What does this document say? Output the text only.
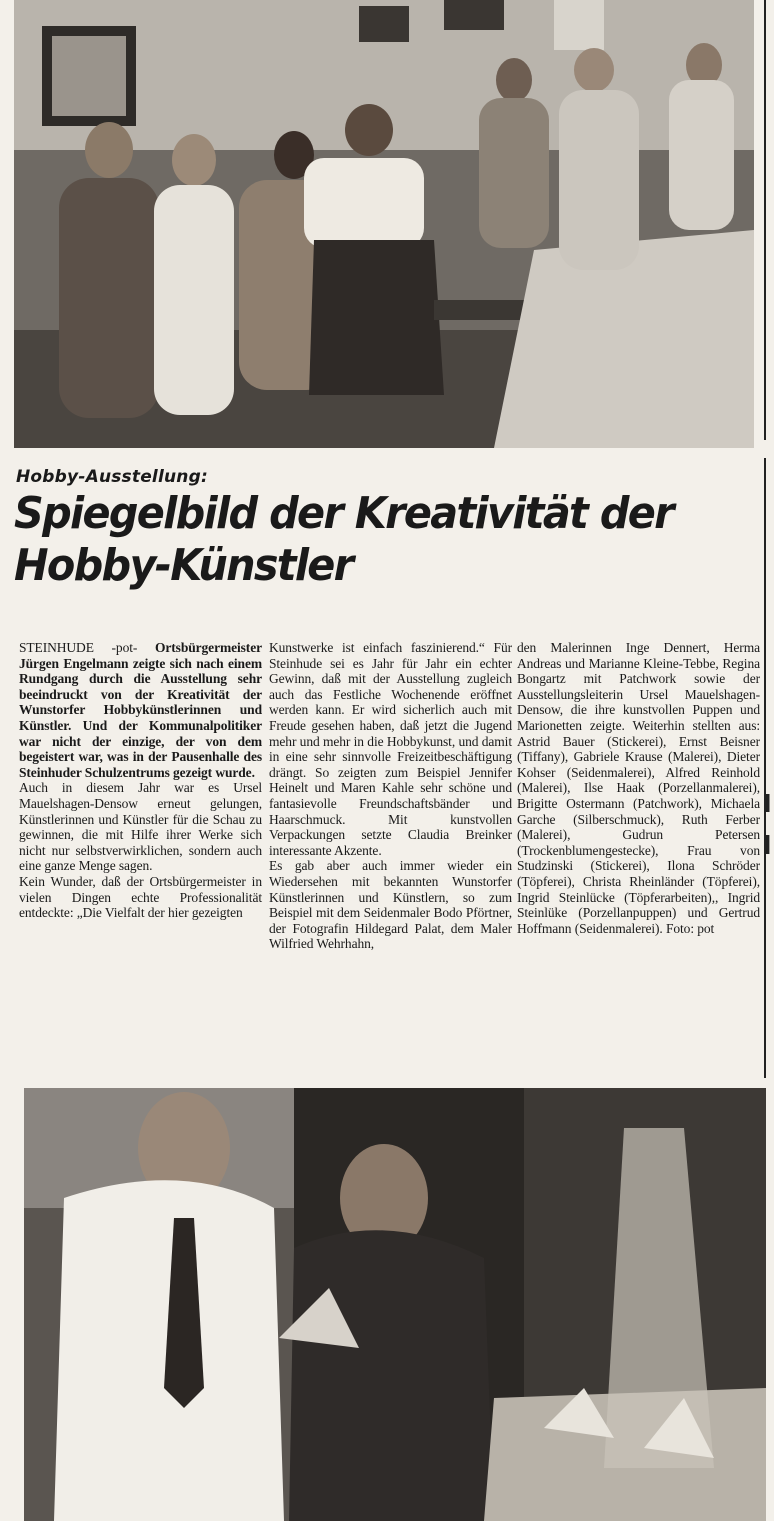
I
l
Hobby-Ausstellung:
Spiegelbild der Kreativität der Hobby-Künstler
STEINHUDE -pot- Ortsbürgermeister Jürgen Engelmann zeigte sich nach einem Rundgang durch die Ausstellung sehr beeindruckt von der Kreativität der Wunstorfer Hobbykünstlerinnen und Künstler. Und der Kommunalpolitiker war nicht der einzige, der von dem begeistert war, was in der Pausenhalle des Steinhuder Schulzentrums gezeigt wurde.
Auch in diesem Jahr war es Ursel Mauelshagen-Densow erneut gelungen, Künstlerinnen und Künstler für die Schau zu gewinnen, die mit Hilfe ihrer Werke sich nicht nur selbstverwirklichen, sondern auch eine ganze Menge sagen.
Kein Wunder, daß der Ortsbürgermeister in vielen Dingen echte Professionalität entdeckte: „Die Vielfalt der hier gezeigten
Kunstwerke ist einfach faszinierend.“ Für Steinhude sei es Jahr für Jahr ein echter Gewinn, daß mit der Ausstellung zugleich auch das Festliche Wochenende eröffnet werden kann. Er wird sicherlich auch mit Freude gesehen haben, daß jetzt die Jugend mehr und mehr in die Hobbykunst, und damit in eine sehr sinnvolle Freizeitbeschäftigung drängt. So zeigten zum Beispiel Jennifer Heinelt und Maren Kahle sehr schöne und fantasievolle Freundschaftsbänder und Haarschmuck. Mit kunstvollen Verpackungen setzte Claudia Breinker interessante Akzente.
Es gab aber auch immer wieder ein Wiedersehen mit bekannten Wunstorfer Künstlerinnen und Künstlern, so zum Beispiel mit dem Seidenmaler Bodo Pförtner, der Fotografin Hildegard Palat, dem Maler Wilfried Wehrhahn,
den Malerinnen Inge Dennert, Herma Andreas und Marianne Kleine-Tebbe, Regina Bongartz mit Patchwork sowie der Ausstellungsleiterin Ursel Mauelshagen-Densow, die ihre kunstvollen Puppen und Marionetten zeigte. Weiterhin stellten aus: Astrid Bauer (Stickerei), Ernst Beisner (Tiffany), Gabriele Krause (Malerei), Dieter Kohser (Seidenmalerei), Alfred Reinhold (Malerei), Ilse Haak (Porzellanmalerei), Brigitte Ostermann (Patchwork), Michaela Garche (Silberschmuck), Ruth Ferber (Malerei), Gudrun Petersen (Trockenblumengestecke), Frau von Studzinski (Stickerei), Ilona Schröder (Töpferei), Christa Rheinländer (Töpferei), Ingrid Steinlücke (Töpferarbeiten),, Ingrid Steinlüke (Porzellanpuppen) und Gertrud Hoffmann (Seidenmalerei). Foto: pot
